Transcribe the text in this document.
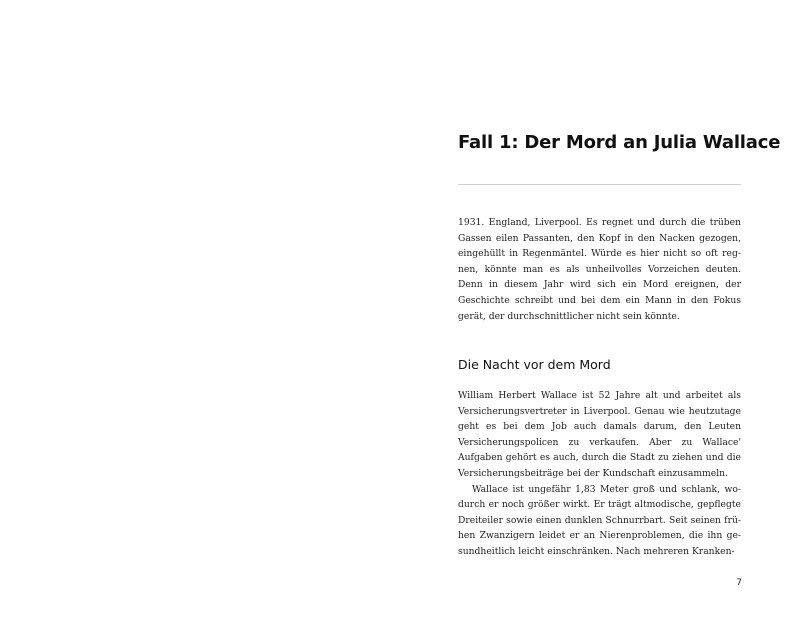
Fall 1: Der Mord an Julia Wallace

1931. England, Liverpool. Es regnet und durch die trüben Gassen eilen Passanten, den Kopf in den Nacken gezogen, eingehüllt in Regenmäntel. Würde es hier nicht so oft regnen, könnte man es als unheilvolles Vorzeichen deuten. Denn in diesem Jahr wird sich ein Mord ereignen, der Geschichte schreibt und bei dem ein Mann in den Fokus gerät, der durchschnittlicher nicht sein könnte.

Die Nacht vor dem Mord

William Herbert Wallace ist 52 Jahre alt und arbeitet als Versicherungsvertreter in Liverpool. Genau wie heutzutage geht es bei dem Job auch damals darum, den Leuten Versicherungspolicen zu verkaufen. Aber zu Wallace' Aufgaben gehört es auch, durch die Stadt zu ziehen und die Versicherungsbeiträge bei der Kundschaft einzusammeln.

Wallace ist ungefähr 1,83 Meter groß und schlank, wodurch er noch größer wirkt. Er trägt altmodische, gepflegte Dreiteiler sowie einen dunklen Schnurrbart. Seit seinen frühen Zwanzigern leidet er an Nierenproblemen, die ihn gesundheitlich leicht einschränken. Nach mehreren Kranken-

7
